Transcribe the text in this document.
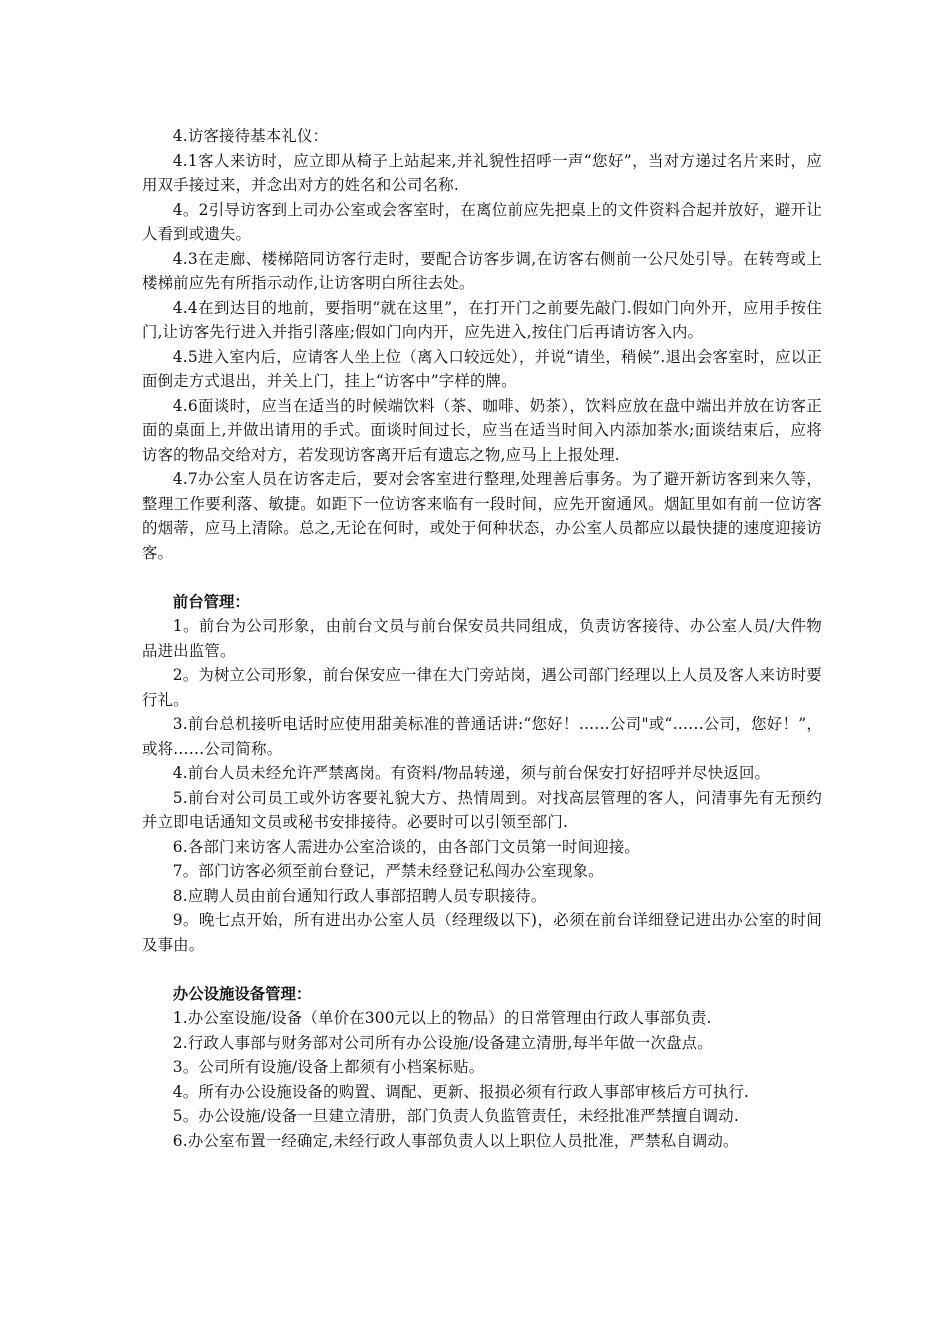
4.访客接待基本礼仪：

4.1客人来访时，应立即从椅子上站起来,并礼貌性招呼一声“您好”，当对方递过名片来时，应用双手接过来，并念出对方的姓名和公司名称.

4。2引导访客到上司办公室或会客室时，在离位前应先把桌上的文件资料合起并放好，避开让人看到或遗失。

4.3在走廊、楼梯陪同访客行走时，要配合访客步调,在访客右侧前一公尺处引导。在转弯或上楼梯前应先有所指示动作,让访客明白所往去处。

4.4在到达目的地前，要指明“就在这里”，在打开门之前要先敲门.假如门向外开，应用手按住门,让访客先行进入并指引落座;假如门向内开，应先进入,按住门后再请访客入内。

4.5进入室内后，应请客人坐上位（离入口较远处），并说“请坐，稍候”.退出会客室时，应以正面倒走方式退出，并关上门，挂上“访客中”字样的牌。

4.6面谈时，应当在适当的时候端饮料（茶、咖啡、奶茶），饮料应放在盘中端出并放在访客正面的桌面上,并做出请用的手式。面谈时间过长，应当在适当时间入内添加茶水;面谈结束后，应将访客的物品交给对方，若发现访客离开后有遗忘之物,应马上上报处理.

4.7办公室人员在访客走后，要对会客室进行整理,处理善后事务。为了避开新访客到来久等，整理工作要利落、敏捷。如距下一位访客来临有一段时间，应先开窗通风。烟缸里如有前一位访客的烟蒂，应马上清除。总之,无论在何时，或处于何种状态，办公室人员都应以最快捷的速度迎接访客。

前台管理：

1。前台为公司形象，由前台文员与前台保安员共同组成，负责访客接待、办公室人员/大件物品进出监管。

2。为树立公司形象，前台保安应一律在大门旁站岗，遇公司部门经理以上人员及客人来访时要行礼。

3.前台总机接听电话时应使用甜美标准的普通话讲:“您好！……公司"或“……公司，您好！”，或将……公司简称。

4.前台人员未经允许严禁离岗。有资料/物品转递，须与前台保安打好招呼并尽快返回。

5.前台对公司员工或外访客要礼貌大方、热情周到。对找高层管理的客人，问清事先有无预约并立即电话通知文员或秘书安排接待。必要时可以引领至部门.

6.各部门来访客人需进办公室洽谈的，由各部门文员第一时间迎接。

7。部门访客必须至前台登记，严禁未经登记私闯办公室现象。

8.应聘人员由前台通知行政人事部招聘人员专职接待。

9。晚七点开始，所有进出办公室人员（经理级以下)，必须在前台详细登记进出办公室的时间及事由。

办公设施设备管理：

1.办公室设施/设备（单价在300元以上的物品）的日常管理由行政人事部负责.

2.行政人事部与财务部对公司所有办公设施/设备建立清册,每半年做一次盘点。

3。公司所有设施/设备上都须有小档案标贴。

4。所有办公设施设备的购置、调配、更新、报损必须有行政人事部审核后方可执行.

5。办公设施/设备一旦建立清册，部门负责人负监管责任，未经批准严禁擅自调动.

6.办公室布置一经确定,未经行政人事部负责人以上职位人员批准，严禁私自调动。
